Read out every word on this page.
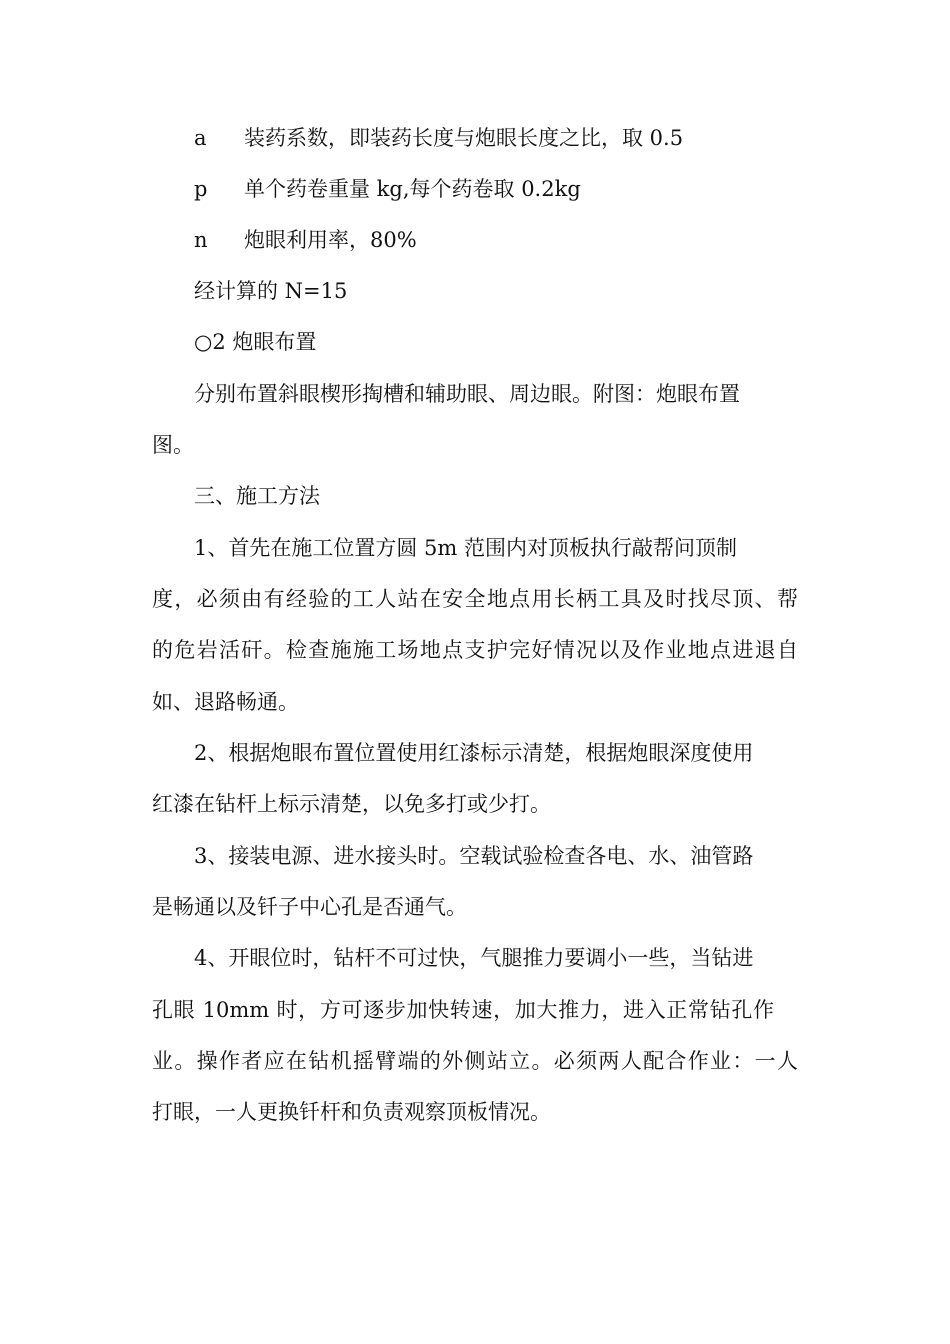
a 装药系数，即装药长度与炮眼长度之比，取 0.5
p 单个药卷重量 kg,每个药卷取 0.2kg
n 炮眼利用率，80%
经计算的 N=15
○2 炮眼布置
分别布置斜眼楔形掏槽和辅助眼、周边眼。附图：炮眼布置
图。
三、施工方法
1、首先在施工位置方圆 5m 范围内对顶板执行敲帮问顶制
度，必须由有经验的工人站在安全地点用长柄工具及时找尽顶、帮
的危岩活矸。检查施施工场地点支护完好情况以及作业地点进退自
如、退路畅通。
2、根据炮眼布置位置使用红漆标示清楚，根据炮眼深度使用
红漆在钻杆上标示清楚，以免多打或少打。
3、接装电源、进水接头时。空载试验检查各电、水、油管路
是畅通以及钎子中心孔是否通气。
4、开眼位时，钻杆不可过快，气腿推力要调小一些，当钻进
孔眼 10mm 时，方可逐步加快转速，加大推力，进入正常钻孔作
业。操作者应在钻机摇臂端的外侧站立。必须两人配合作业：一人
打眼，一人更换钎杆和负责观察顶板情况。
